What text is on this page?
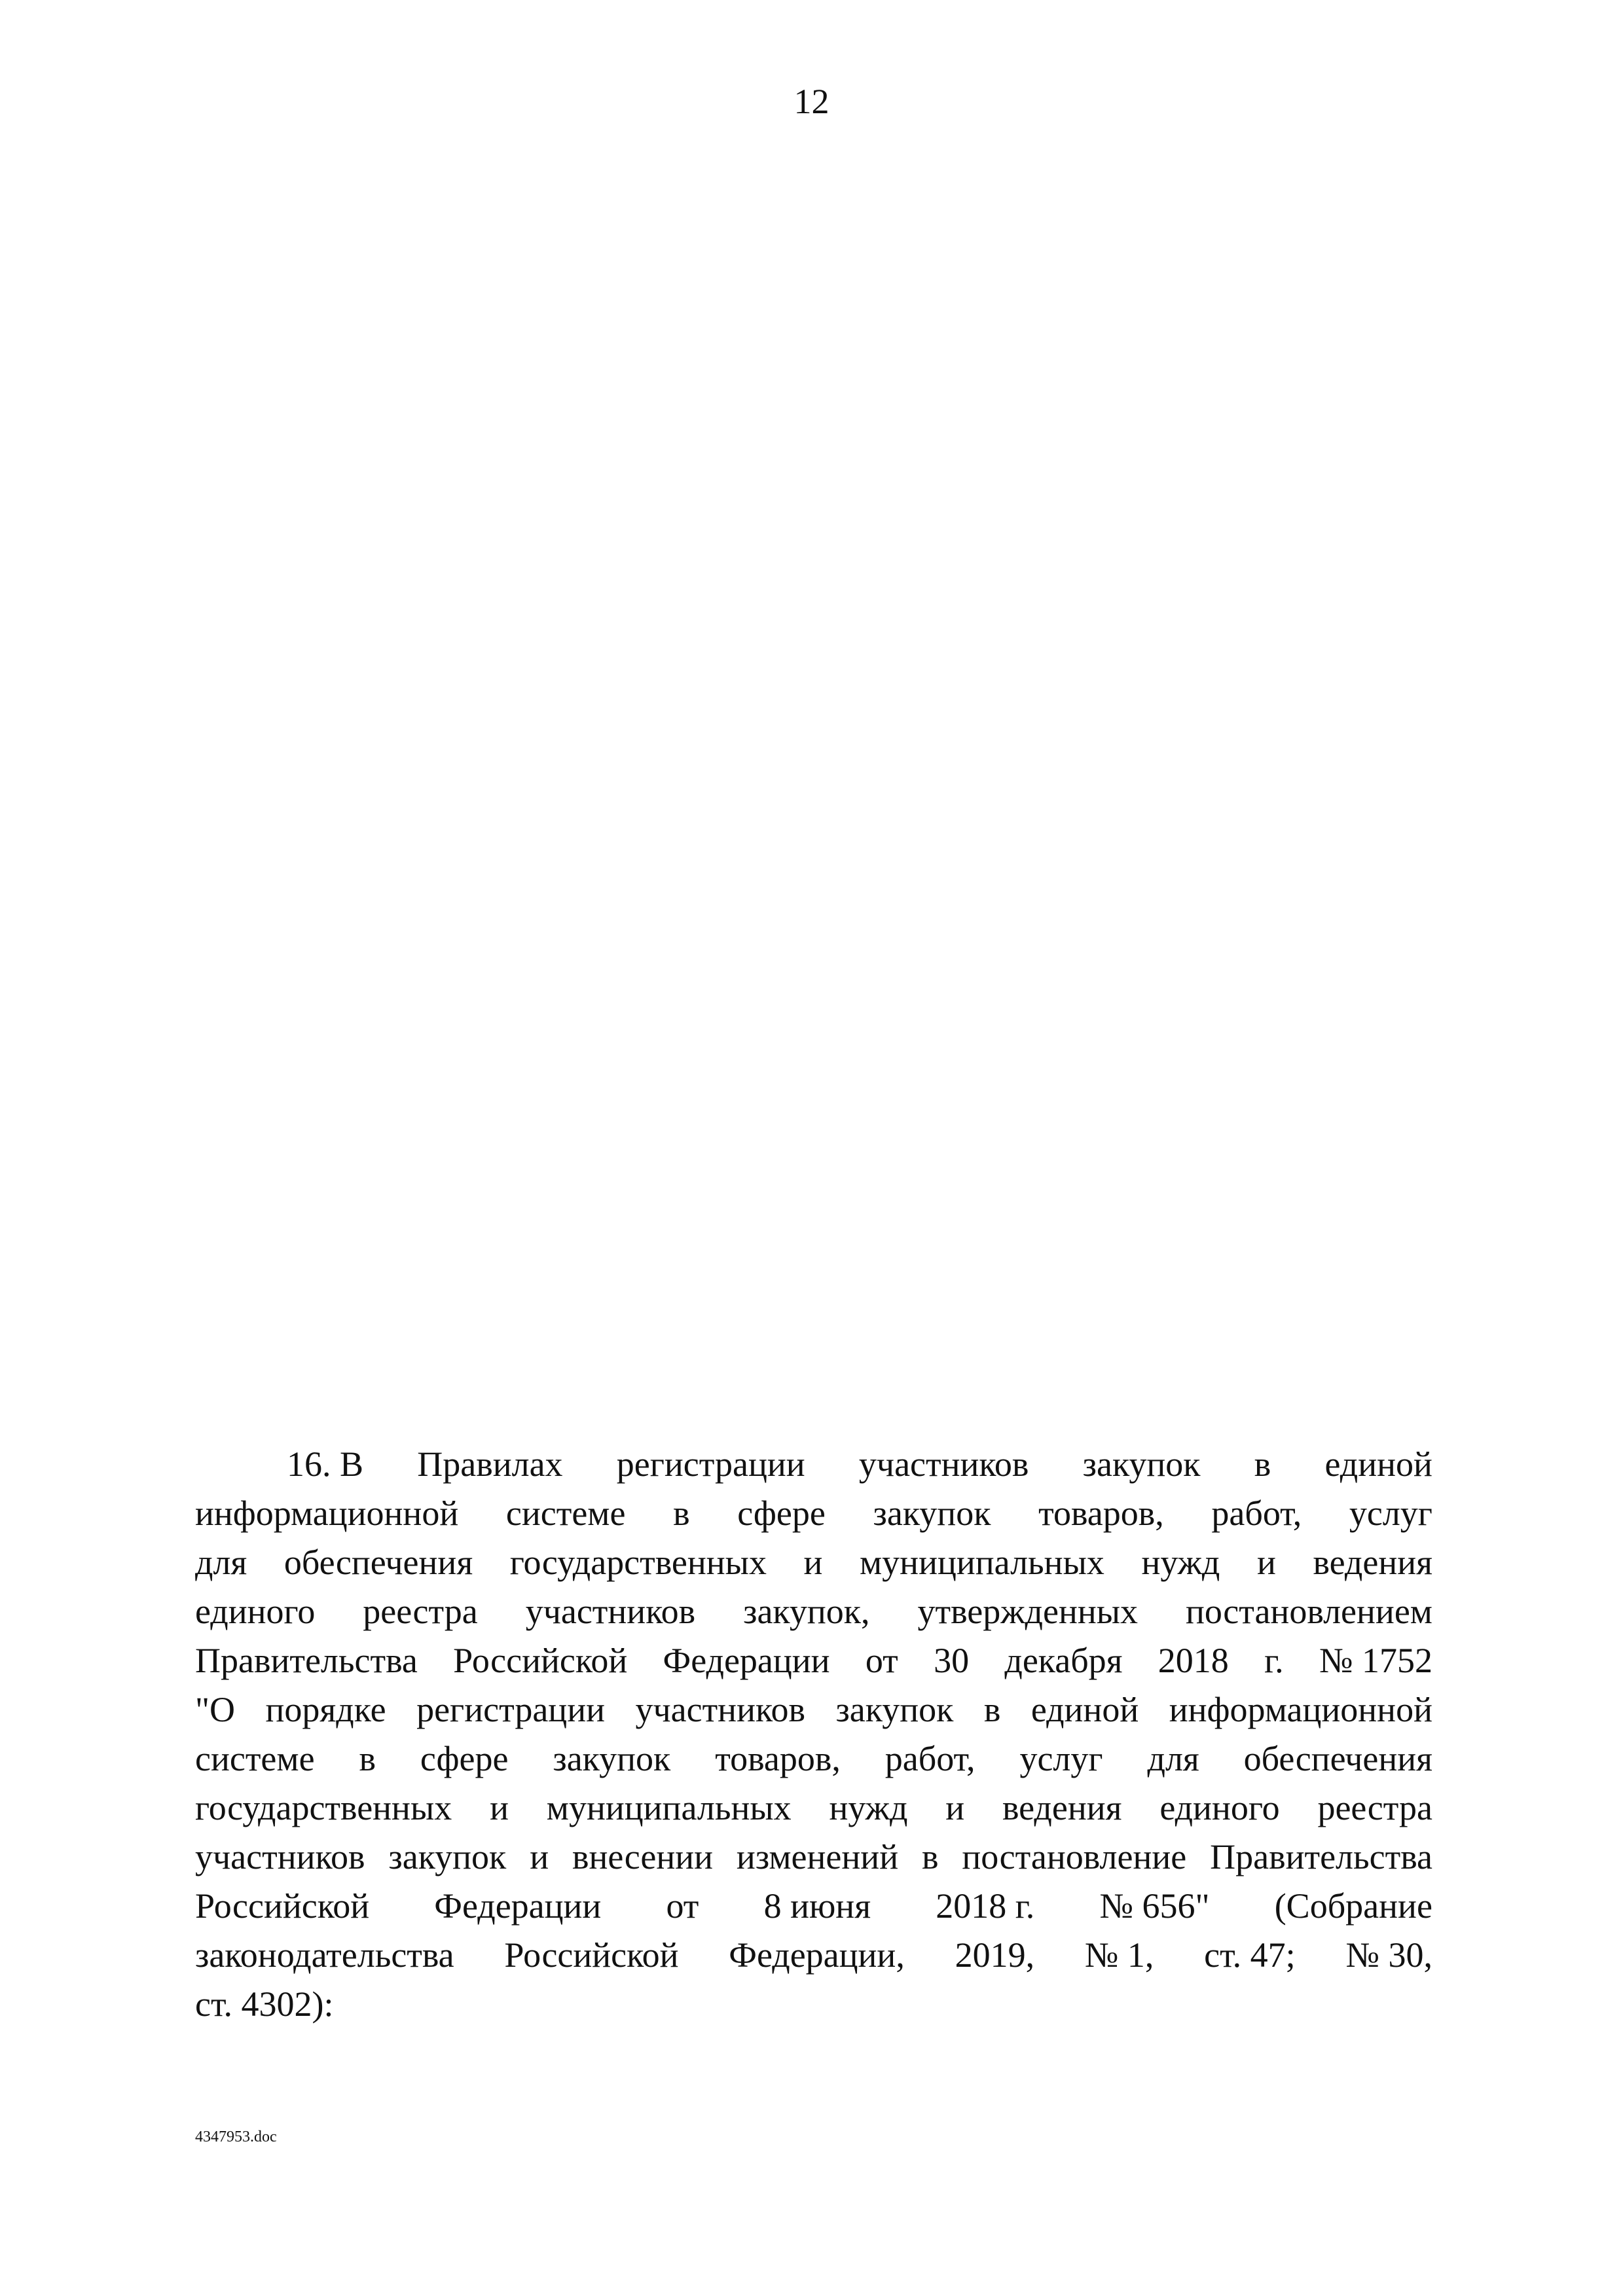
12
16. В Правилах регистрации участников закупок в единой
информационной системе в сфере закупок товаров, работ, услуг
для обеспечения государственных и муниципальных нужд и ведения
единого реестра участников закупок, утвержденных постановлением
Правительства Российской Федерации от 30 декабря 2018 г. № 1752
"О порядке регистрации участников закупок в единой информационной
системе в сфере закупок товаров, работ, услуг для обеспечения
государственных и муниципальных нужд и ведения единого реестра
участников закупок и внесении изменений в постановление Правительства
Российской Федерации от 8 июня 2018 г. № 656" (Собрание
законодательства Российской Федерации, 2019, № 1, ст. 47; № 30,
ст. 4302):
4347953.doc
